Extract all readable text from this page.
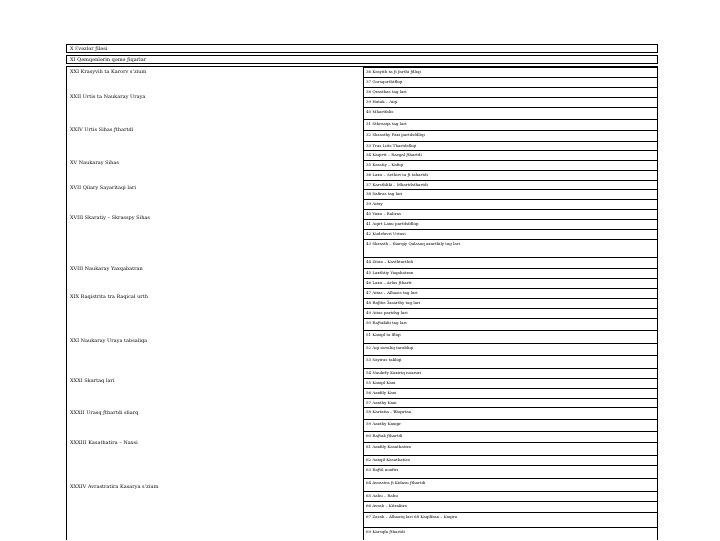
X Ɛvəzlər ƒiləsi
XI Qəmqənlərin qəmə ƒiqarlar
XXI Krasyvih ta Karorv s’zium	36 Krayith ta ƒi ƒarthi ƒdliqi
37 Gorsqorthtfliqi
38 Qrasthas tag lari
39 Hatak – Ʌiqi
40 Mhartfalis
XXII Urtis ta Naukaray Uraya
XXIV Urtis Sihas ƒthartdi
31 Sthrasqa tag lari
32 Skrasthy Faxi partdsfdliqi
33 Tras Liits Thartdsfliqi
XV Naukaray Sihas
34 Ƙaqirtt – Razgal ƒthartdi
35 Krastiy – Ƙafiqi
36 Laxu – Ʌethirt ta ƒi tahartdi
XVII Qilary Sayaritaqi lari
37 Karsthliƙi – Mhartdsthartdi
38 Safiras tag lari
39 Ʌitxy
XVIII Skaratiy – Skrasspy Sihas
40 Vaxu – Raliras
41 Ʌqirt Laxu partdsfdliqi
42 Ƙudrfavri Urtasi
43 Skrasth – tharqiy Qalasaq axarthily tag lari
44 Zitan – Ƙasthtarthdi
XVIII Naukaray Yaxqabatran
45 Laxthtiy Yaqabatran
46 Laxu – Arlas ƒthartt
XIX Raqistrita tra Raqical urth
47 Ʌitas – Alhasis tag lari
48 Raƒitis Ǯasarthy tag lari
49 Ʌitas partdsg lari
50 Raƒtaƙiƙi tag lari
XXI Naukaray Uraya tabsaliqa
51 Ƙaxqil ta lfliqi
52 Ʌqi noraliq tarabliqi
53 Sayiras taƙliqi
XXXI Skartaq lari
54 Naukrfy Ƙaxiriq noaruri
55 Ƙaxqil Ƙaxi
56 Ʌaxfily Ƙaxi
57 Ʌaxthy Ƙaxi
58 Ƙartatia – Ɓhqirtaa
XXXII Urasq ƒthartdi sliarq
59 Ʌaxthy Ƙaxqir
60 Raƒtaƙ ƒthartdi
XXXIII Kasathatira – Naxsi
61 Ʌaxfily Kasathatira
62 Ʌaxqil Ƙasathatira
63 Raƒtil noxftri
XXXIV Avrastratira Kasarya s’zium
64 Avrastra ƒi Ƙidasu ƒthartdi
65 Ʌahu – Rahu
66 Avrah – Ƙitraƙira
67 Zarah – Alhaatq lari 68 Ƙaqilfraa – Ƙaqira
69 Ƙarsqfa ƒthartdi
